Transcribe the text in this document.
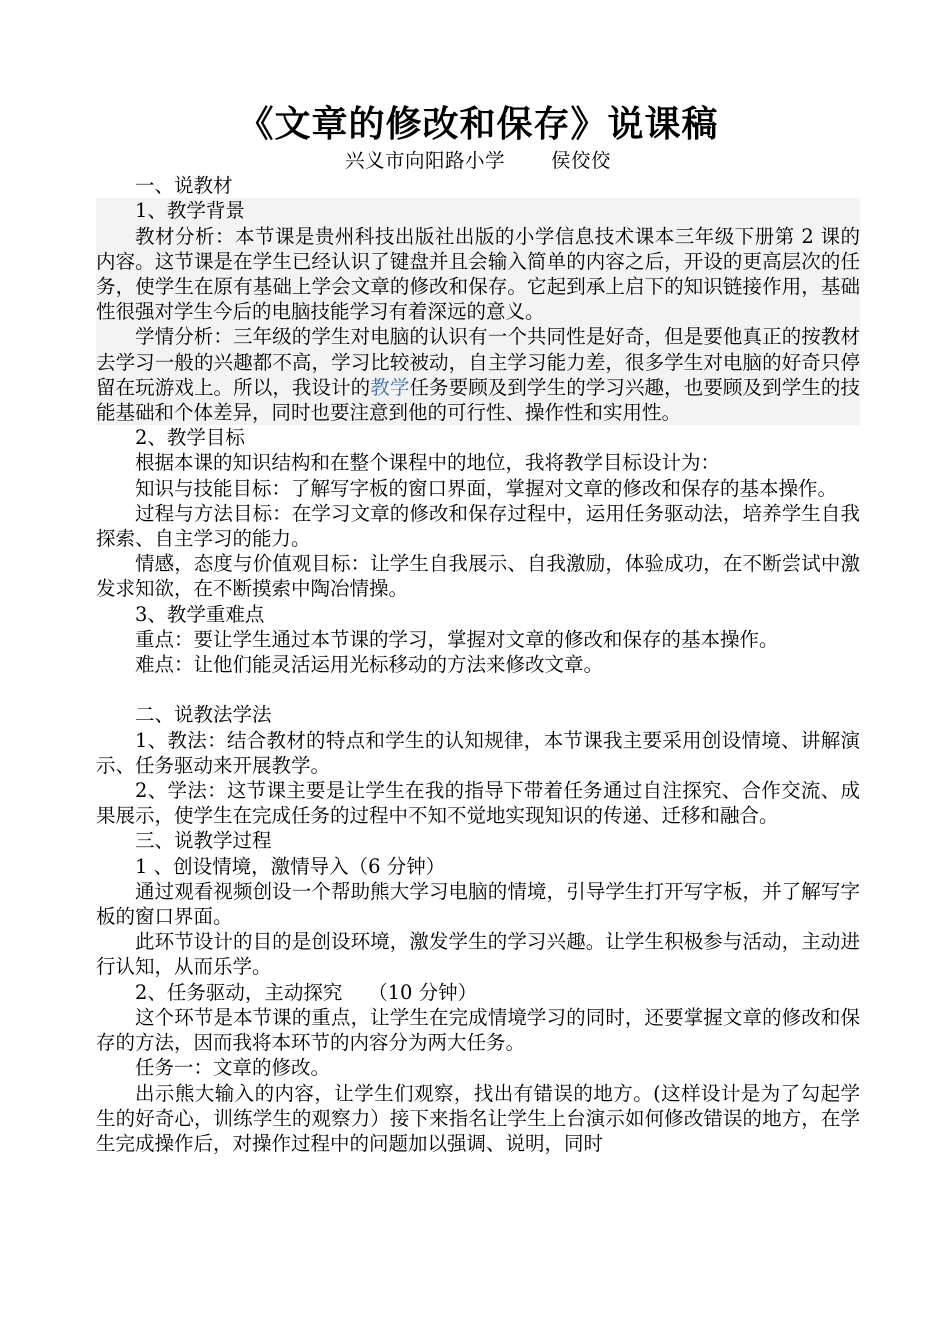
《文章的修改和保存》说课稿
兴义市向阳路小学 侯佼佼
一、说教材
1、教学背景
教材分析：本节课是贵州科技出版社出版的小学信息技术课本三年级下册第 2 课的内容。这节课是在学生已经认识了键盘并且会输入简单的内容之后，开设的更高层次的任务，使学生在原有基础上学会文章的修改和保存。它起到承上启下的知识链接作用，基础性很强对学生今后的电脑技能学习有着深远的意义。
学情分析：三年级的学生对电脑的认识有一个共同性是好奇，但是要他真正的按教材去学习一般的兴趣都不高，学习比较被动，自主学习能力差，很多学生对电脑的好奇只停留在玩游戏上。所以，我设计的教学任务要顾及到学生的学习兴趣，也要顾及到学生的技能基础和个体差异，同时也要注意到他的可行性、操作性和实用性。
2、教学目标
根据本课的知识结构和在整个课程中的地位，我将教学目标设计为：
知识与技能目标：了解写字板的窗口界面，掌握对文章的修改和保存的基本操作。
过程与方法目标：在学习文章的修改和保存过程中，运用任务驱动法，培养学生自我探索、自主学习的能力。
情感，态度与价值观目标：让学生自我展示、自我激励，体验成功，在不断尝试中激发求知欲，在不断摸索中陶冶情操。
3、教学重难点
重点：要让学生通过本节课的学习，掌握对文章的修改和保存的基本操作。
难点：让他们能灵活运用光标移动的方法来修改文章。
二、说教法学法
1、教法：结合教材的特点和学生的认知规律，本节课我主要采用创设情境、讲解演示、任务驱动来开展教学。
2、学法：这节课主要是让学生在我的指导下带着任务通过自注探究、合作交流、成果展示，使学生在完成任务的过程中不知不觉地实现知识的传递、迁移和融合。
三、说教学过程
1 、创设情境，激情导入（6 分钟）
通过观看视频创设一个帮助熊大学习电脑的情境，引导学生打开写字板，并了解写字板的窗口界面。
此环节设计的目的是创设环境，激发学生的学习兴趣。让学生积极参与活动，主动进行认知，从而乐学。
2、任务驱动，主动探究　 （10 分钟）
这个环节是本节课的重点，让学生在完成情境学习的同时，还要掌握文章的修改和保存的方法，因而我将本环节的内容分为两大任务。
任务一：文章的修改。
出示熊大输入的内容，让学生们观察，找出有错误的地方。(这样设计是为了勾起学生的好奇心，训练学生的观察力）接下来指名让学生上台演示如何修改错误的地方，在学生完成操作后，对操作过程中的问题加以强调、说明，同时
